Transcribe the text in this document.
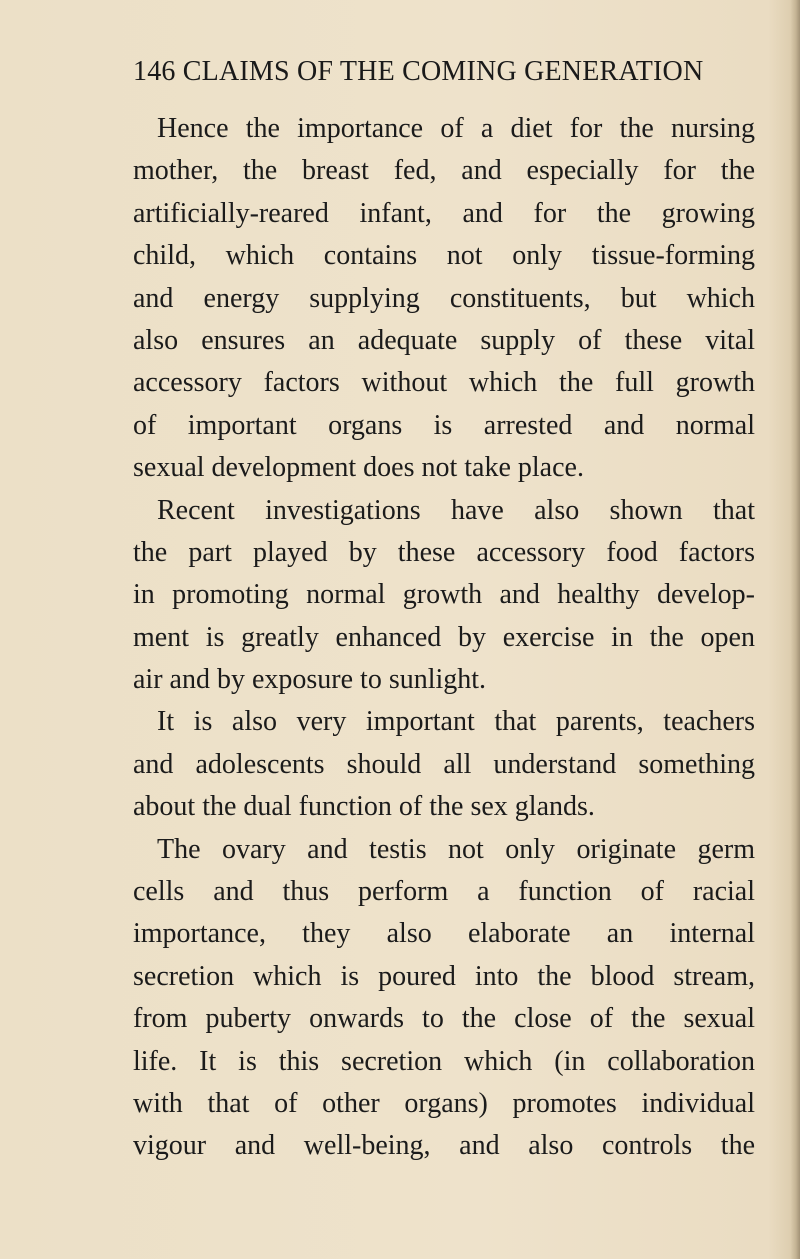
146 CLAIMS OF THE COMING GENERATION
Hence the importance of a diet for the nursing
mother, the breast fed, and especially for the
artificially-reared infant, and for the growing
child, which contains not only tissue-forming
and energy supplying constituents, but which
also ensures an adequate supply of these vital
accessory factors without which the full growth
of important organs is arrested and normal
sexual development does not take place.
Recent investigations have also shown that
the part played by these accessory food factors
in promoting normal growth and healthy develop-
ment is greatly enhanced by exercise in the open
air and by exposure to sunlight.
It is also very important that parents, teachers
and adolescents should all understand something
about the dual function of the sex glands.
The ovary and testis not only originate germ
cells and thus perform a function of racial
importance, they also elaborate an internal
secretion which is poured into the blood stream,
from puberty onwards to the close of the sexual
life. It is this secretion which (in collaboration
with that of other organs) promotes individual
vigour and well-being, and also controls the
